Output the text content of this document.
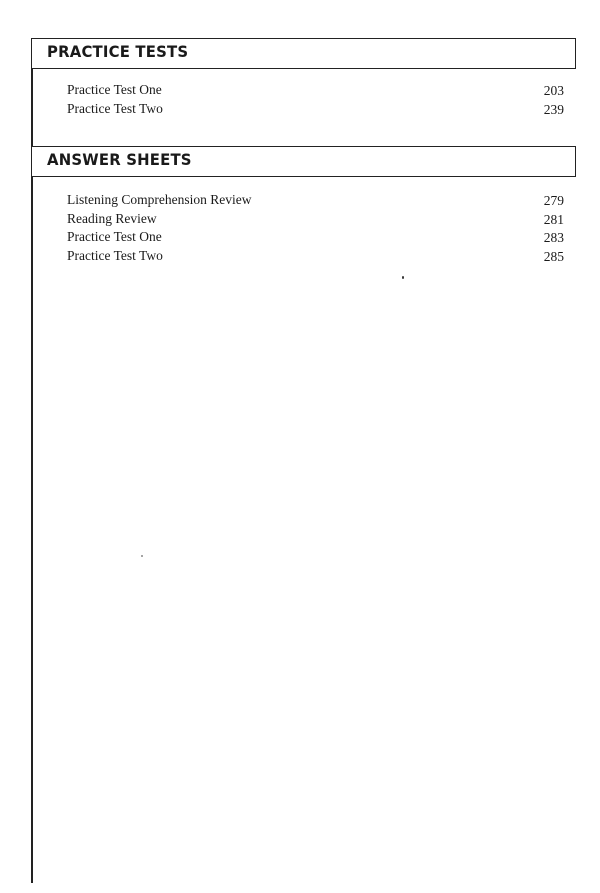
PRACTICE TESTS
Practice Test One	203
Practice Test Two	239
ANSWER SHEETS
Listening Comprehension Review	279
Reading Review	281
Practice Test One	283
Practice Test Two	285
